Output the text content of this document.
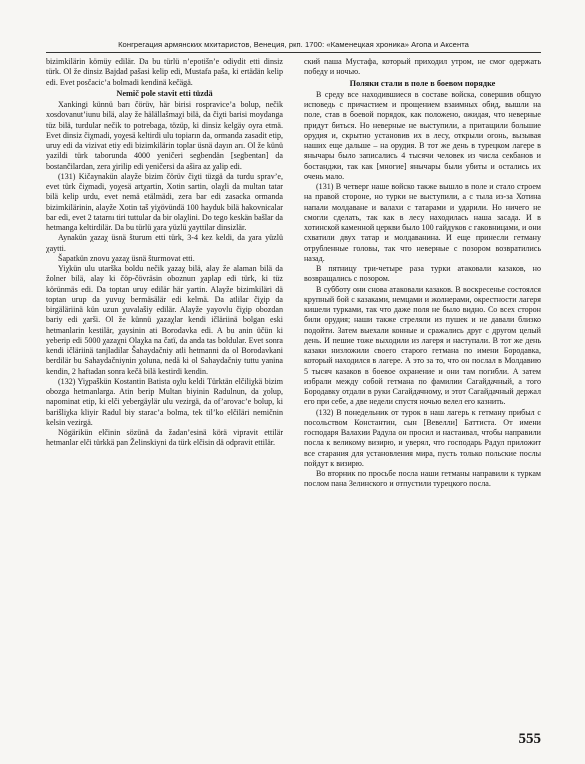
Конгрегация армянских мхитаристов, Венеция, ркп. 1700: «Каменецкая хроника» Агопа и Аксента

bizimkilärin kömüy edilär. Da bu türlü n’epotišn’e odiydit etti dinsiz türk. Ol že dinsiz Bajdad pašasi kelip edi, Mustafa paša, ki ertädän kelip edi. Evet posčacic’a bolmadi kendinä kečägä.

Nemič pole stavit etti tüzdä

Xankingi künnü barı čörüv, här birisi rospravice’a bolup, nečik xosdovanut’iunu bilä, alay že hälällašmaχi bilä, da čiχti barisi moydanga tüz bilä, turdular nečik to potrebaga, tözüp, ki dinsiz kelgäy oyra etmä. Evet dinsiz čiχmadi, yoχesä keltirdi ulu topiarın da, ormanda zasadit etip, uruy edi da vizivat etiy edi bizimkilärin toplar üsnä dayın arı. Ol že künü yazildi türk taborunda 4000 yeničeri segbendän [segbentan] da bostančilardan, zera χiriliр edi yeničersi da aširа az χalip edi.

(131) Kičaynakün alayže bizim čörüv čiχti tüzgä da turdu sprav’e, evet türk čiχmadi, yoχesä artχartin, Xotin sartin, olaχli da multan tatar bilä kelip urdu, evet nemä etälmädi, zera bar edi zasacka ormanda bizimkilärinin, alayže Xotin taš yiχövündä 100 hayduk bilä hakovnicalar bar edi, evet 2 tatarnı tiri tuttular da bir olaχlini. Do tegо keskän bašlar da hetmanga keltirdilär. Da bu türlü χara yüzlü χayttilar dinsizlär.

Aynakün χazaχ üsnä šturum etti türk, 3-4 kez keldi, da χara yüzlü χaytti.

Šapatkün znovu χazaχ üsnä šturmovat etti.

Yiχkün ulu utarška boldu nečik χazaχ bilä, alay že alaman bilä da žolner bilä, alay ki čöp-čövräsin oboznuп χaplap edi türk, ki tüz körünmäs edi. Da toptan uruy edilär här yartin. Alayže bizimkiläri dä toptan urup da yuvuχ bermäsälär edi kelmä. Da atlilar čiχip da birgäläriinä kün uzun χuvalašiy edilär. Alayže yayovlu čiχip obozdan bariy edi χarši. Ol že künnü χazaχlar kendi ičläriinä bolgan eski hetmanlarin kestilär, χaysinin ati Borodavka edi. A bu anin üčün ki yeberip edi 5000 χazaχni Olaχka na čatï, da anda tas boldular. Evet sonra kendi ičläriinä tanjladilar Šahaydačniy atli hetmanni da ol Borоdavkani berdilär bu Sahaydačniyniп χoluna, nedä ki ol Sahaydačniy tuttu yanina kendin, 2 haftadan sonra kečä bilä kestirdi kendin.

(132) Yiχpaškün Kostantin Batista oχlu keldi Türktän elčiliχkä bizim obozga hetmanlarga. Atin berip Multan biyinin Radulnun, da χolup, napominat etip, ki elči yebergäylär ulu vezirgä, da of’arovac’e bolup, ki barišliχka kliyir Radul biy starac’a bolma, tek til’ko elčiläri nemičnin kelsin vezirgä.

Nögärikün elčinin sözünä da žadan’esinä körä viprаvit ettilär hetmanlar elči türkkä pan Želinskiyni da türk elčisin dä odpravit ettilär.

ский паша Мустафа, который приходил утром, не смог одержать победу и ночью.

Поляки стали в поле в боевом порядке

В среду все находившиеся в составе войска, совершив общую исповедь с причастием и прощением взаимных обид, вышли на поле, став в боевой порядок, как положено, ожидая, что неверные придут биться. Но неверные не выступили, а притащили большие орудия и, скрытно установив их в лесу, открыли огонь, вызывая наших еще дальше – на орудия. В тот же день в турецком лагере в янычары было записались 4 тысячи человек из числа секбанов и бостанджи, так как [многие] янычары были убиты и остались их очень мало.

(131) В четверг наше войско также вышло в поле и стало строем на правой стороне, но турки не выступили, а с тыла из-за Хотина напали молдаване и валахи с татарами и ударили. Но ничего не смогли сделать, так как в лесу находилась наша засада. И в хотинской каменной церкви было 100 гайдуков с гаковницами, и они схватили двух татар и молдаванина. И еще принесли гетману отрубленные головы, так что неверные с позором возвратились назад.

В пятницу три-четыре раза турки атаковали казаков, но возвращались с позором.

В субботу они снова атаковали казаков. В воскресенье состоялся крупный бой с казаками, немцами и жолнерами, окрестности лагеря кишели турками, так что даже поля не было видно. Со всех сторон били орудия; наши также стреляли из пушек и не давали близко подойти. Затем выехали конные и сражались друг с другом целый день. И пешие тоже выходили из лагеря и наступали. В тот же день казаки низложили своего старого гетмана по имени Бородавка, который находился в лагере. А это за то, что он послал в Молдавию 5 тысяч казаков в боевое охранение и они там погибли. А затем избрали между собой гетмана по фамилии Сагайдачный, а того Бородавку отдали в руки Сагайдачному, и этот Сагайдачный держал его при себе, а две недели спустя ночью велел его казнить.

(132) В понедельник от турок в наш лагерь к гетману прибыл с посольством Константин, сын [Вевелли] Баттиста. От имени господаря Валахии Радула он просил и настаивал, чтобы направили посла к великому визирю, и уверял, что господарь Радул приложит все старания для установления мира, пусть только польские послы пойдут к визирю.

Во вторник по просьбе посла наши гетманы направили к туркам послом пана Зелинского и отпустили турецкого посла.

555
